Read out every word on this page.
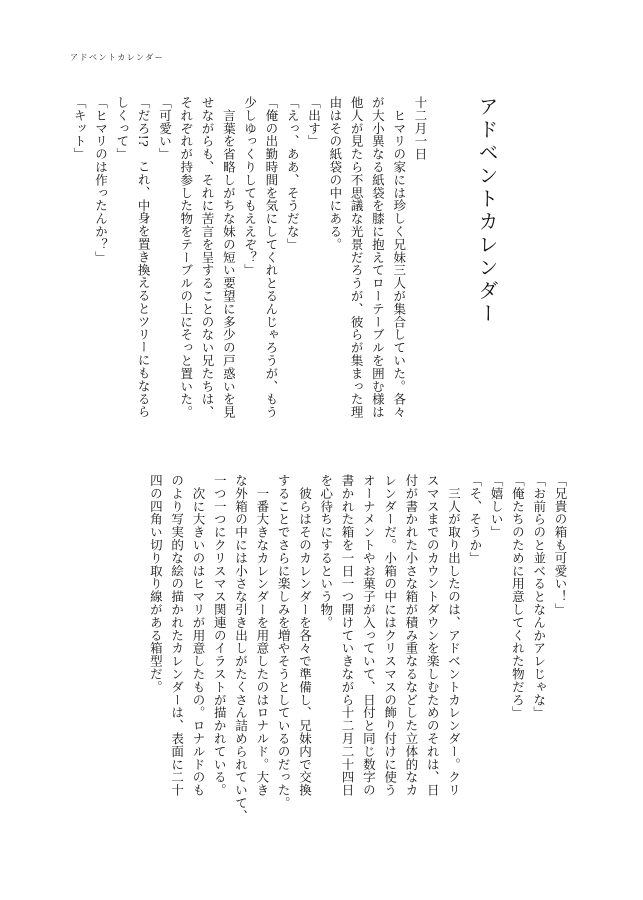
アドベントカレンダー
アドベントカレンダー
十二月一日
　ヒマリの家には珍しく兄妹三人が集合していた。各々
が大小異なる紙袋を膝に抱えてローテーブルを囲む様は
他人が見たら不思議な光景だろうが、彼らが集まった理
由はその紙袋の中にある。
「出す」
「えっ、ああ、そうだな」
「俺の出勤時間を気にしてくれとるんじゃろうが、もう
少しゆっくりしてもええぞ？」
　言葉を省略しがちな妹の短い要望に多少の戸惑いを見
せながらも、それに苦言を呈することのない兄たちは、
それぞれが持参した物をテーブルの上にそっと置いた。
「可愛い」
「だろ!?　これ、中身を置き換えるとツリーにもなるら
しくって」
「ヒマリのは作ったんか？」
「キット」
「兄貴の箱も可愛い！」
「お前らのと並べるとなんかアレじゃな」
「俺たちのために用意してくれた物だろ」
「嬉しい」
「そ、そうか」
　三人が取り出したのは、アドベントカレンダー。クリ
スマスまでのカウントダウンを楽しむためのそれは、日
付が書かれた小さな箱が積み重なるなどした立体的なカ
レンダーだ。小箱の中にはクリスマスの飾り付けに使う
オーナメントやお菓子が入っていて、日付と同じ数字の
書かれた箱を一日一つ開けていきながら十二月二十四日
を心待ちにするという物。
　彼らはそのカレンダーを各々で準備し、兄妹内で交換
することでさらに楽しみを増やそうとしているのだった。
　一番大きなカレンダーを用意したのはロナルド。大き
な外箱の中には小さな引き出しがたくさん詰められていて、
一つ一つにクリスマス関連のイラストが描かれている。
　次に大きいのはヒマリが用意したもの。ロナルドのも
のより写実的な絵の描かれたカレンダーは、表面に二十
四の四角い切り取り線がある箱型だ。
